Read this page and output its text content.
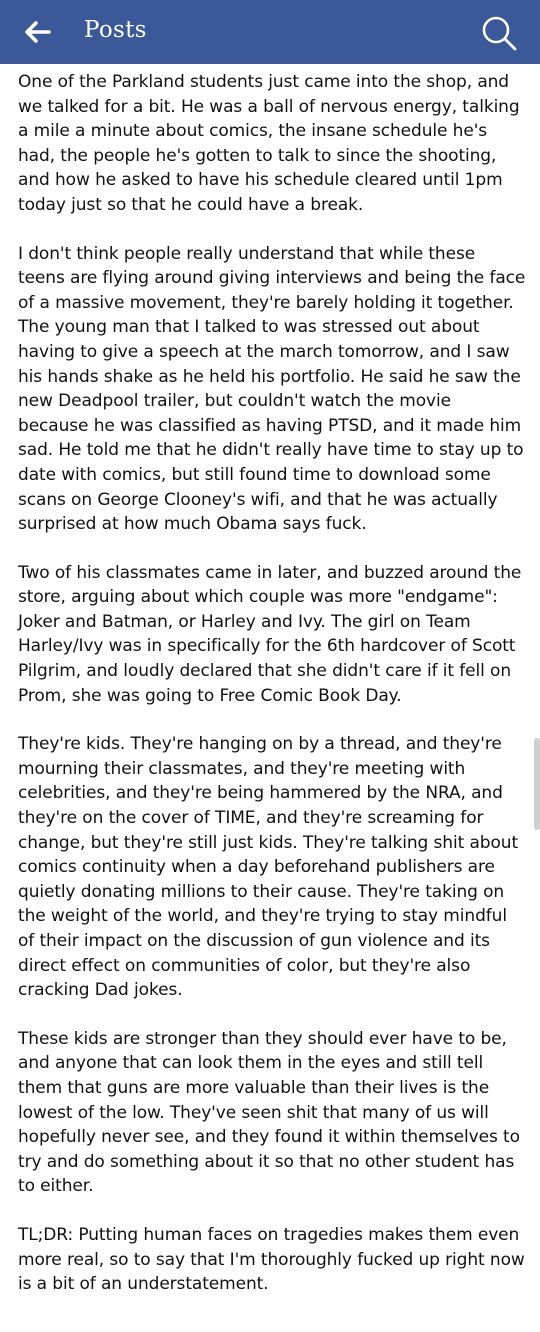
Posts

One of the Parkland students just came into the shop, and we talked for a bit. He was a ball of nervous energy, talking a mile a minute about comics, the insane schedule he's had, the people he's gotten to talk to since the shooting, and how he asked to have his schedule cleared until 1pm today just so that he could have a break.

I don't think people really understand that while these teens are flying around giving interviews and being the face of a massive movement, they're barely holding it together. The young man that I talked to was stressed out about having to give a speech at the march tomorrow, and I saw his hands shake as he held his portfolio. He said he saw the new Deadpool trailer, but couldn't watch the movie because he was classified as having PTSD, and it made him sad. He told me that he didn't really have time to stay up to date with comics, but still found time to download some scans on George Clooney's wifi, and that he was actually surprised at how much Obama says fuck.

Two of his classmates came in later, and buzzed around the store, arguing about which couple was more "endgame": Joker and Batman, or Harley and Ivy. The girl on Team Harley/Ivy was in specifically for the 6th hardcover of Scott Pilgrim, and loudly declared that she didn't care if it fell on Prom, she was going to Free Comic Book Day.

They're kids. They're hanging on by a thread, and they're mourning their classmates, and they're meeting with celebrities, and they're being hammered by the NRA, and they're on the cover of TIME, and they're screaming for change, but they're still just kids. They're talking shit about comics continuity when a day beforehand publishers are quietly donating millions to their cause. They're taking on the weight of the world, and they're trying to stay mindful of their impact on the discussion of gun violence and its direct effect on communities of color, but they're also cracking Dad jokes.

These kids are stronger than they should ever have to be, and anyone that can look them in the eyes and still tell them that guns are more valuable than their lives is the lowest of the low. They've seen shit that many of us will hopefully never see, and they found it within themselves to try and do something about it so that no other student has to either.

TL;DR: Putting human faces on tragedies makes them even more real, so to say that I'm thoroughly fucked up right now is a bit of an understatement.
